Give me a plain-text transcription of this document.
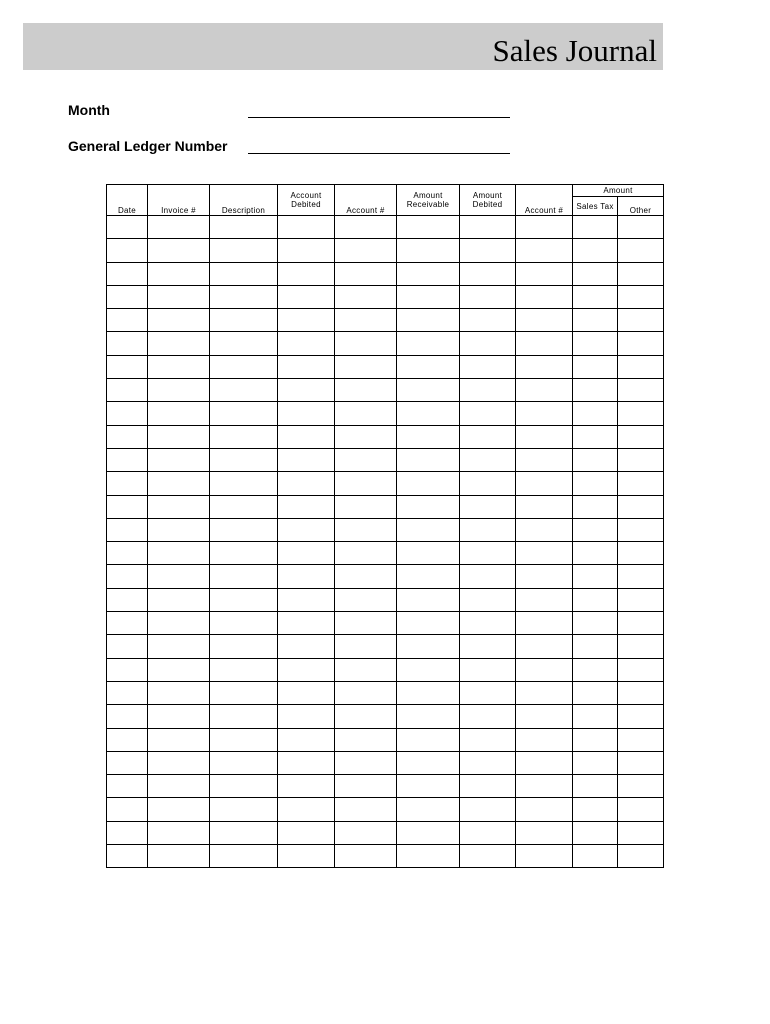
Sales Journal
Month
General Ledger Number
Date	Invoice #	Description	Account Debited	Account #	Amount Receivable	Amount Debited	Account #	Amount	
								Sales Tax	Other
